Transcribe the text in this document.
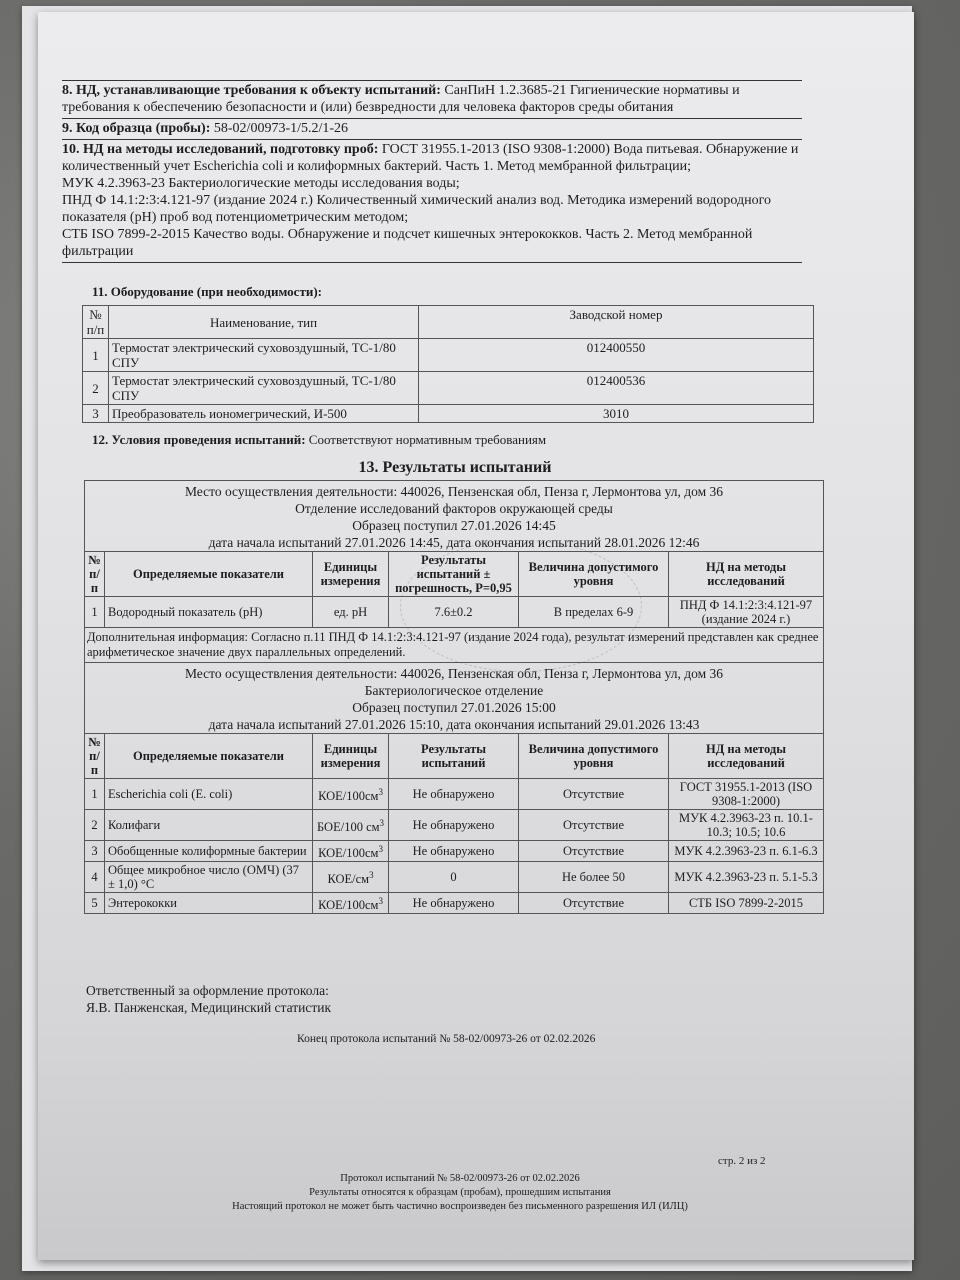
8. НД, устанавливающие требования к объекту испытаний: СанПиН 1.2.3685-21 Гигиенические нормативы и требования к обеспечению безопасности и (или) безвредности для человека факторов среды обитания
9. Код образца (пробы): 58-02/00973-1/5.2/1-26
10. НД на методы исследований, подготовку проб: ГОСТ 31955.1-2013 (ISO 9308-1:2000) Вода питьевая. Обнаружение и количественный учет Escherichia coli и колиформных бактерий. Часть 1. Метод мембранной фильтрации;
МУК 4.2.3963-23 Бактериологические методы исследования воды;
ПНД Ф 14.1:2:3:4.121-97 (издание 2024 г.) Количественный химический анализ вод. Методика измерений водородного показателя (pH) проб вод потенциометрическим методом;
СТБ ISO 7899-2-2015 Качество воды. Обнаружение и подсчет кишечных энтерококков. Часть 2. Метод мембранной фильтрации
11. Оборудование (при необходимости):
№ п/п	Наименование, тип	Заводской номер
1	Термостат электрический суховоздушный, ТС-1/80 СПУ	012400550
2	Термостат электрический суховоздушный, ТС-1/80 СПУ	012400536
3	Преобразователь иономегрический, И-500	3010
12. Условия проведения испытаний: Соответствуют нормативным требованиям
13. Результаты испытаний
Место осуществления деятельности: 440026, Пензенская обл, Пенза г, Лермонтова ул, дом 36
Отделение исследований факторов окружающей среды
Образец поступил 27.01.2026 14:45
дата начала испытаний 27.01.2026 14:45, дата окончания испытаний 28.01.2026 12:46					

№ п/п	Определяемые показатели	Единицы измерения	Результаты испытаний ± погрешность, P=0,95	Величина допустимого уровня	НД на методы исследований
1	Водородный показатель (pH)	ед. pH	7.6±0.2	В пределах 6-9	ПНД Ф 14.1:2:3:4.121-97 (издание 2024 г.)
Дополнительная информация: Согласно п.11 ПНД Ф 14.1:2:3:4.121-97 (издание 2024 года), результат измерений представлен как среднее арифметическое значение двух параллельных определений.					

Место осуществления деятельности: 440026, Пензенская обл, Пенза г, Лермонтова ул, дом 36
Бактериологическое отделение
Образец поступил 27.01.2026 15:00
дата начала испытаний 27.01.2026 15:10, дата окончания испытаний 29.01.2026 13:43					

№ п/п	Определяемые показатели	Единицы измерения	Результаты испытаний	Величина допустимого уровня	НД на методы исследований
1	Escherichia coli (E. coli)	КОЕ/$100см^3$	Не обнаружено	Отсутствие	ГОСТ 31955.1-2013 (ISO 9308-1:2000)
2	Колифаги	БОЕ/100 $см^3$	Не обнаружено	Отсутствие	МУК 4.2.3963-23 п. 10.1-10.3; 10.5; 10.6
3	Обобщенные колиформные бактерии	КОЕ/$100см^3$	Не обнаружено	Отсутствие	МУК 4.2.3963-23 п. 6.1-6.3
4	Общее микробное число (ОМЧ) (37 ± 1,0) °С	КОЕ/$см^3$	0	Не более 50	МУК 4.2.3963-23 п. 5.1-5.3
5	Энтерококки	КОЕ/$100см^3$	Не обнаружено	Отсутствие	СТБ ISO 7899-2-2015
Ответственный за оформление протокола:
Я.В. Панженская, Медицинский статистик
Конец протокола испытаний № 58-02/00973-26 от 02.02.2026
стр. 2 из 2
Протокол испытаний № 58-02/00973-26 от 02.02.2026
Результаты относятся к образцам (пробам), прошедшим испытания
Настоящий протокол не может быть частично воспроизведен без письменного разрешения ИЛ (ИЛЦ)
